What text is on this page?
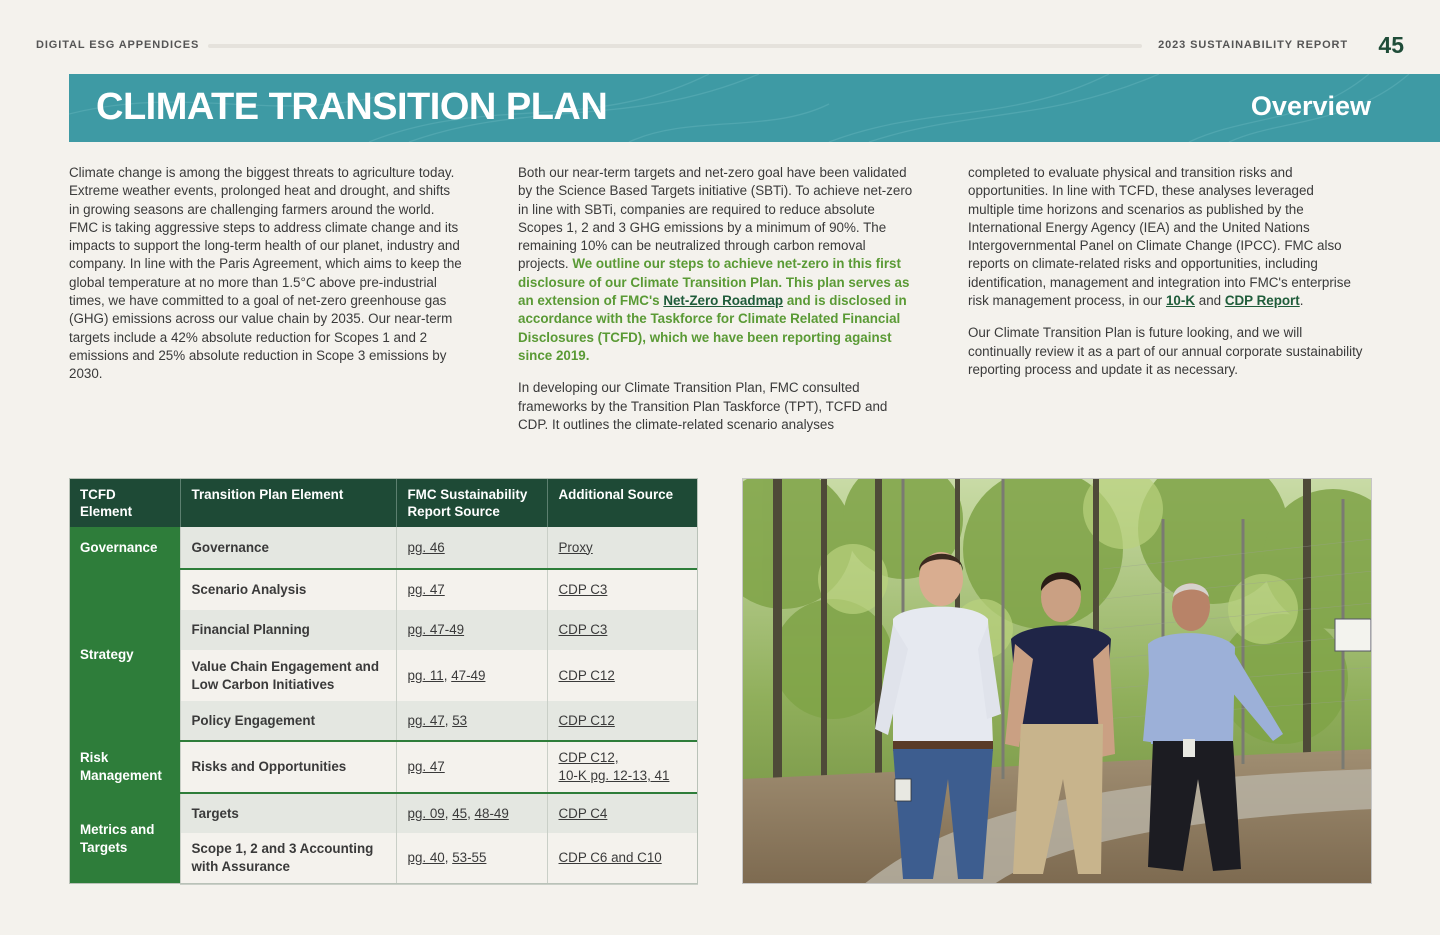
DIGITAL ESG APPENDICES	2023 SUSTAINABILITY REPORT 45
CLIMATE TRANSITION PLAN	Overview

Climate change is among the biggest threats to agriculture today. Extreme weather events, prolonged heat and drought, and shifts in growing seasons are challenging farmers around the world. FMC is taking aggressive steps to address climate change and its impacts to support the long-term health of our planet, industry and company. In line with the Paris Agreement, which aims to keep the global temperature at no more than 1.5°C above pre-industrial times, we have committed to a goal of net-zero greenhouse gas (GHG) emissions across our value chain by 2035. Our near-term targets include a 42% absolute reduction for Scopes 1 and 2 emissions and 25% absolute reduction in Scope 3 emissions by 2030.

Both our near-term targets and net-zero goal have been validated by the Science Based Targets initiative (SBTi). To achieve net-zero in line with SBTi, companies are required to reduce absolute Scopes 1, 2 and 3 GHG emissions by a minimum of 90%. The remaining 10% can be neutralized through carbon removal projects. We outline our steps to achieve net-zero in this first disclosure of our Climate Transition Plan. This plan serves as an extension of FMC's Net-Zero Roadmap and is disclosed in accordance with the Taskforce for Climate Related Financial Disclosures (TCFD), which we have been reporting against since 2019.

In developing our Climate Transition Plan, FMC consulted frameworks by the Transition Plan Taskforce (TPT), TCFD and CDP. It outlines the climate-related scenario analyses

completed to evaluate physical and transition risks and opportunities. In line with TCFD, these analyses leveraged multiple time horizons and scenarios as published by the International Energy Agency (IEA) and the United Nations Intergovernmental Panel on Climate Change (IPCC). FMC also reports on climate-related risks and opportunities, including identification, management and integration into FMC's enterprise risk management process, in our 10-K and CDP Report.

Our Climate Transition Plan is future looking, and we will continually review it as a part of our annual corporate sustainability reporting process and update it as necessary.

TCFD Element	Transition Plan Element	FMC Sustainability Report Source	Additional Source
Governance	Governance	pg. 46	Proxy
Strategy	Scenario Analysis	pg. 47	CDP C3
	Financial Planning	pg. 47-49	CDP C3
	Value Chain Engagement and Low Carbon Initiatives	pg. 11, 47-49	CDP C12
	Policy Engagement	pg. 47, 53	CDP C12
Risk Management	Risks and Opportunities	pg. 47	CDP C12,
10-K pg. 12-13, 41
Metrics and Targets	Targets	pg. 09, 45, 48-49	CDP C4
	Scope 1, 2 and 3 Accounting with Assurance	pg. 40, 53-55	CDP C6 and C10
